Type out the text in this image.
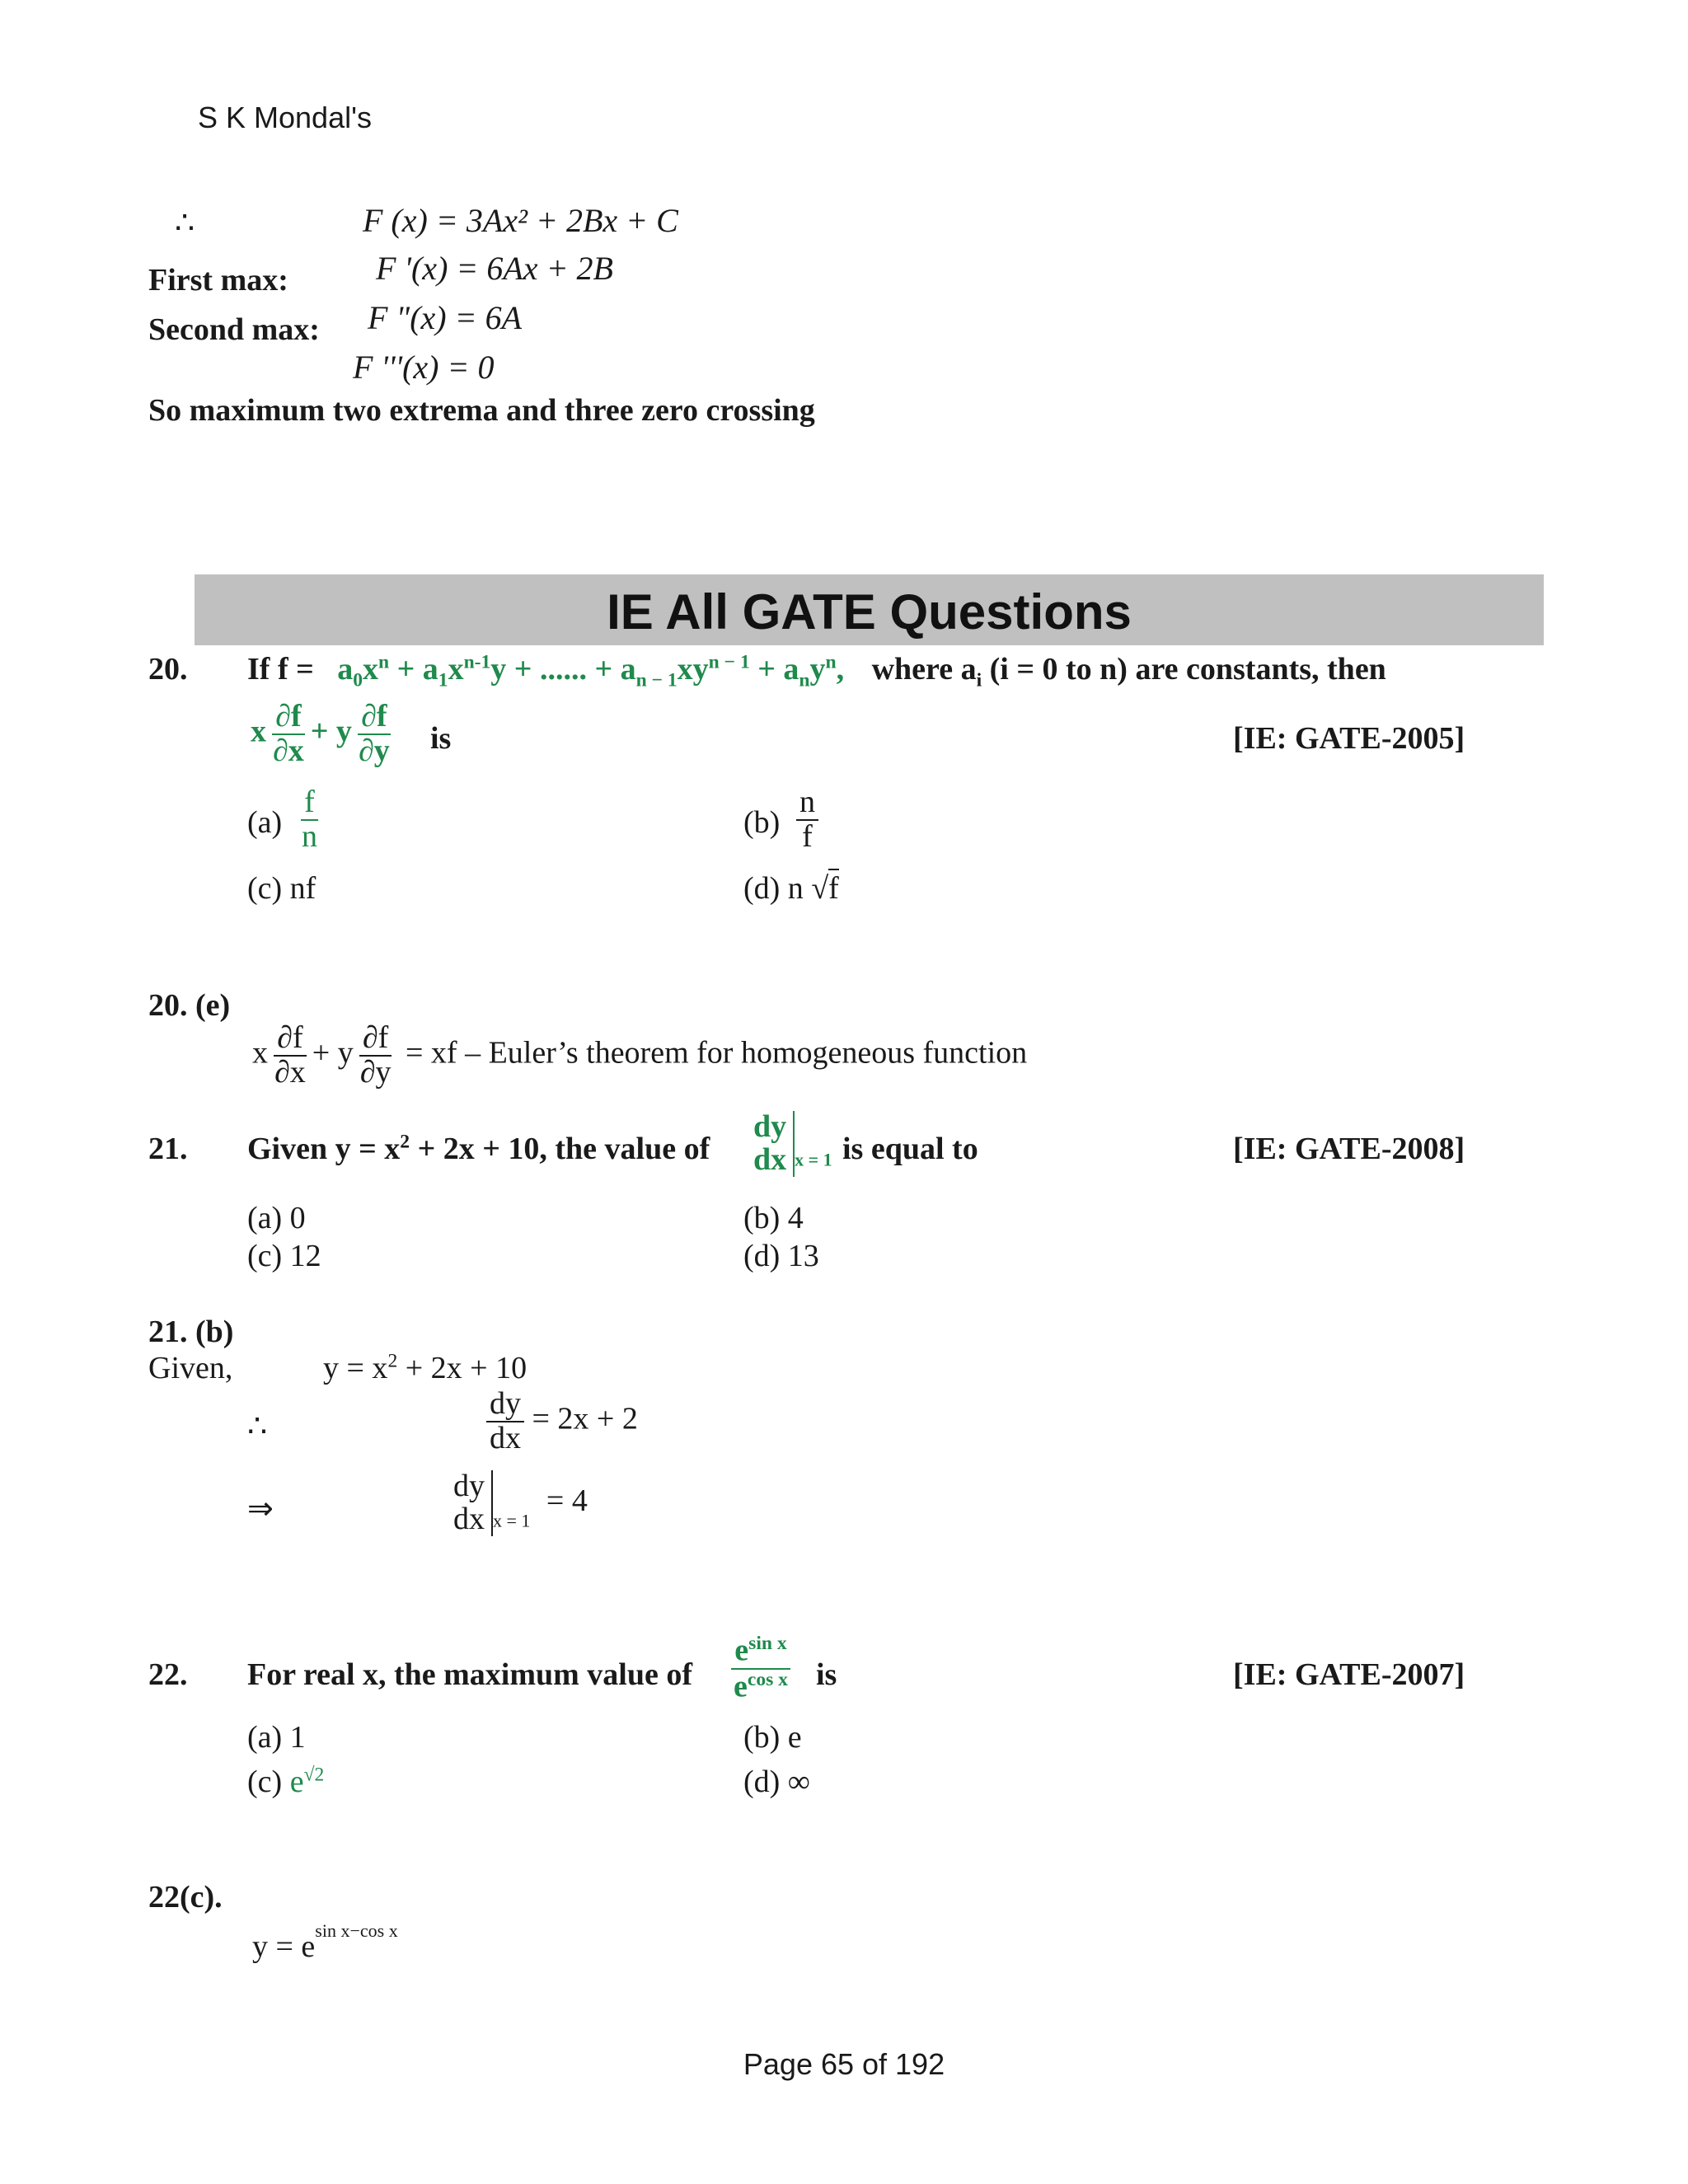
S K Mondal's
∴	F (x) = 3Ax² + 2Bx + C
First max:	F '(x) = 6Ax + 2B
Second max: F "(x) = 6A
F '''(x) = 0
So maximum two extrema and three zero crossing
IE All GATE Questions
20. If $f = a_0x^n + a_1x^{n-1}y$ + ...... + $a_{n - 1}xy^{n - 1} + a_ny^n$, where $a_i$ (i = 0 to n) are constants, then
x $\frac{\partial f}{\partial x} + y \frac{\partial f}{\partial y}$ is	[IE: GATE-2005]
$(a) \frac{f}{n}$	$(b) \frac{n}{f}$
(c) nf	(d) n √f
20. (e)
x $\frac{\partial f}{\partial x} + y \frac{\partial f}{\partial y}$ = xf – Euler’s theorem for homogeneous function
21. Given $y = x^2 + 2x + 10$, the value of
dy
dx $_{x = 1}$ is equal to	[IE: GATE-2008]
(a) 0	(b) 4
(c) 12	(d) 13
21. (b)
Given,	$y = x^2 + 2x + 10$
∴	$\frac{dy}{dx} = 2x + 2$
⇒
dy
dx $_{x = 1}$ = 4
22. For real x, the maximum value of $\frac{e^{sin x}}{e^{cos x}}$ is	[IE: GATE-2007]
(a) 1	(b) e
(c) $e^{√2}$	(d) ∞
22(c).
$y = e^{sin x-cos x}$
Page 65 of 192
